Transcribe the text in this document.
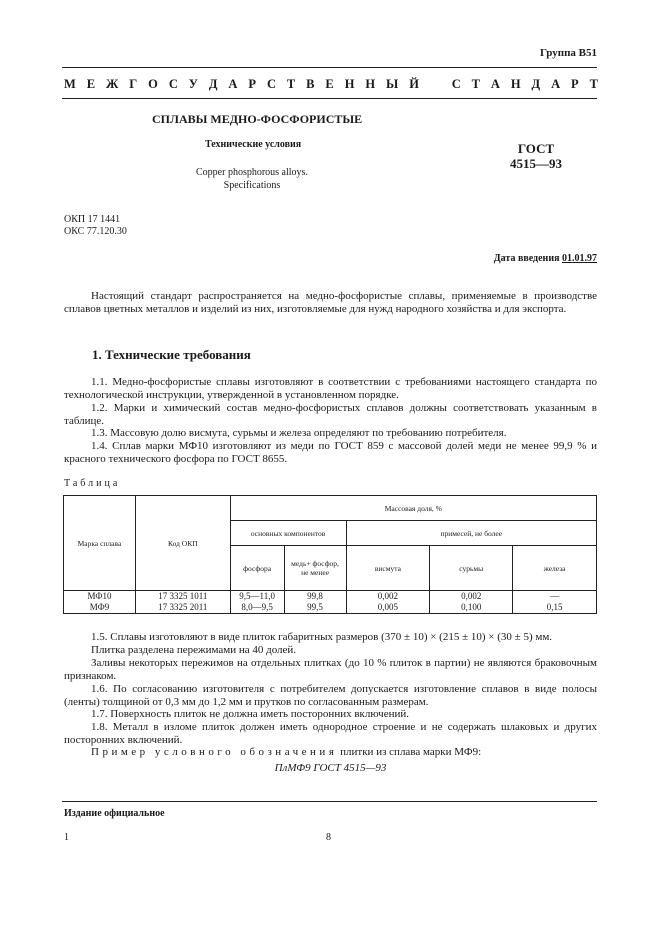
Группа В51
М Е Ж Г О С У Д А Р С Т В Е Н Н Ы Й	С Т А Н Д А Р Т
СПЛАВЫ МЕДНО-ФОСФОРИСТЫЕ
Технические условия
Copper phosphorous alloys.
Specifications
ГОСТ
4515—93
ОКП 17 1441
ОКС 77.120.30
Дата введения 01.01.97
Настоящий стандарт распространяется на медно-фосфористые сплавы, применяемые в производстве сплавов цветных металлов и изделий из них, изготовляемые для нужд народного хозяйства и для экспорта.
1. Технические требования
1.1. Медно-фосфористые сплавы изготовляют в соответствии с требованиями настоящего стандарта по технологической инструкции, утвержденной в установленном порядке.
1.2. Марки и химический состав медно-фосфористых сплавов должны соответствовать указанным в таблице.
1.3. Массовую долю висмута, сурьмы и железа определяют по требованию потребителя.
1.4. Сплав марки МФ10 изготовляют из меди по ГОСТ 859 с массовой долей меди не менее 99,9 % и красного технического фосфора по ГОСТ 8655.
Таблица
Марка сплава	Код ОКП	Массовая доля, %				
		основных компонентов		примесей, не более		
		фосфора	медь+ фосфор, не менее	висмута	сурьмы	железа
МФ10	17 3325 1011	9,5—11,0	99,8	0,002	0,002	—
МФ9	17 3325 2011	8,0—9,5	99,5	0,005	0,100	0,15
1.5. Сплавы изготовляют в виде плиток габаритных размеров (370 ± 10) × (215 ± 10) × (30 ± 5) мм.
Плитка разделена пережимами на 40 долей.
Заливы некоторых пережимов на отдельных плитках (до 10 % плиток в партии) не являются браковочным признаком.
1.6. По согласованию изготовителя с потребителем допускается изготовление сплавов в виде полосы (ленты) толщиной от 0,3 мм до 1,2 мм и прутков по согласованным размерам.
1.7. Поверхность плиток не должна иметь посторонних включений.
1.8. Металл в изломе плиток должен иметь однородное строение и не содержать шлаковых и других посторонних включений.
Пример условного обозначения плитки из сплава марки МФ9:
ПлМФ9 ГОСТ 4515—93
Издание официальное
1	8
